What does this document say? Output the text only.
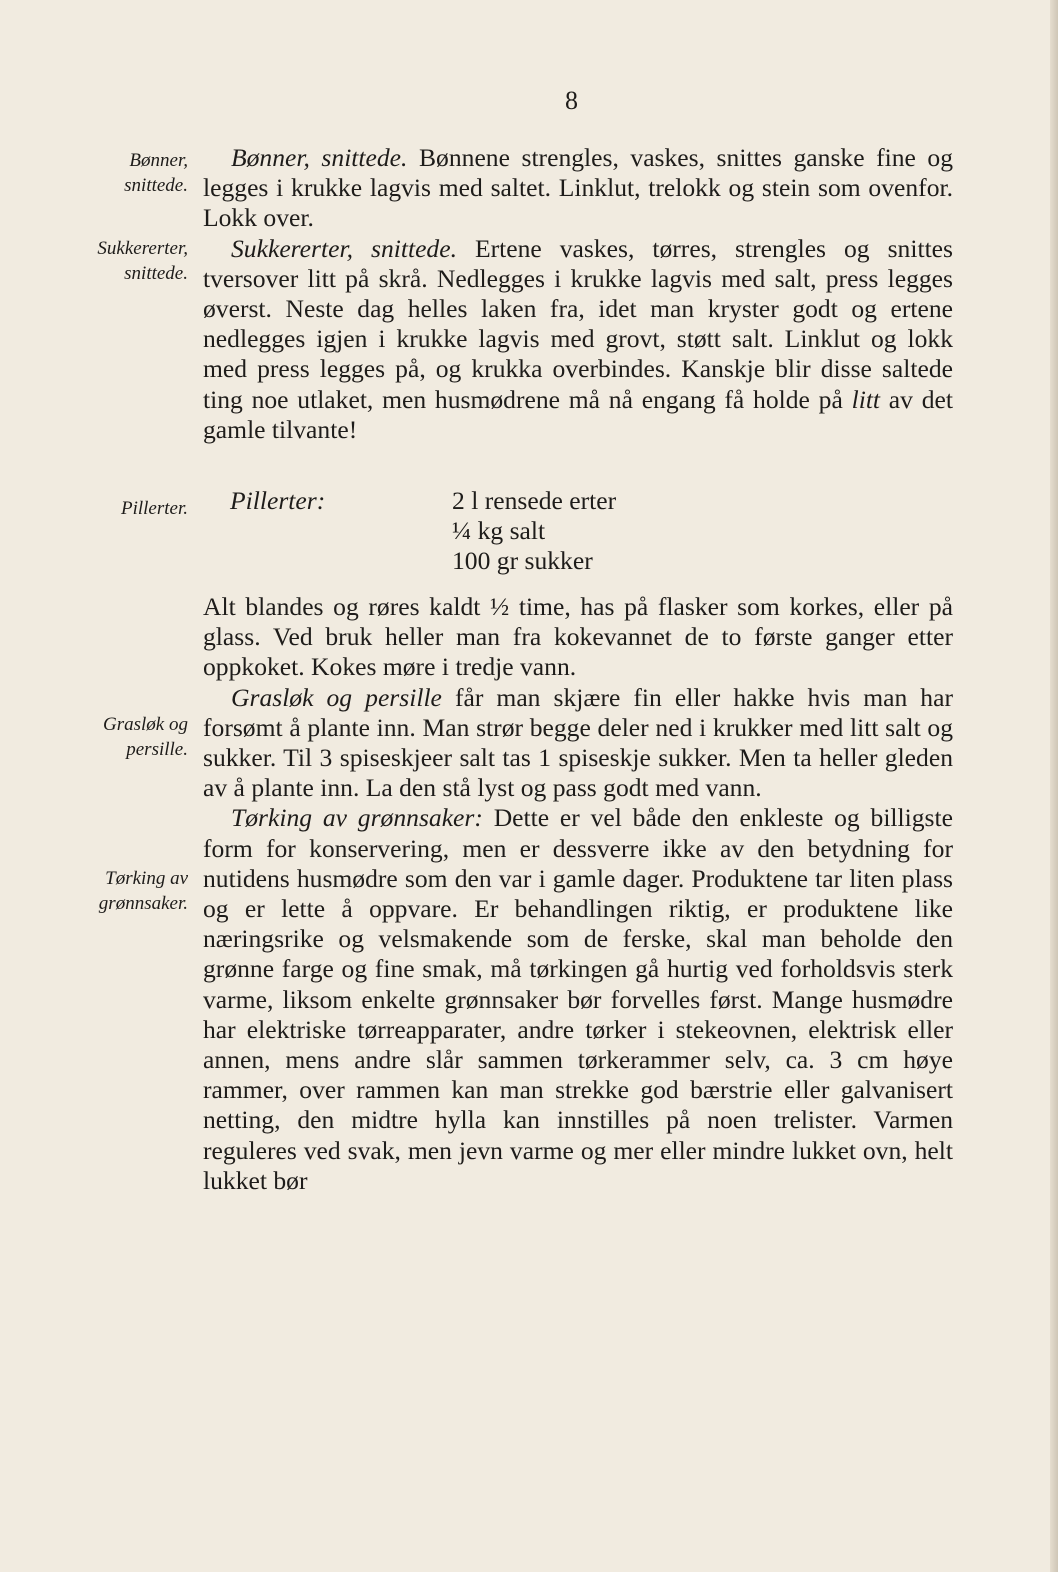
8
Bønner,
snittede.
Sukkererter,
snittede.
Pillerter.
Grasløk og
persille.
Tørking av
grønnsaker.

Bønner, snittede. Bønnene strengles, vaskes, snittes ganske fine og legges i krukke lagvis med saltet. Linklut, trelokk og stein som ovenfor. Lokk over.

Sukkererter, snittede. Ertene vaskes, tørres, strengles og snittes tversover litt på skrå. Nedlegges i krukke lagvis med salt, press legges øverst. Neste dag helles laken fra, idet man kryster godt og ertene nedlegges igjen i krukke lagvis med grovt, støtt salt. Linklut og lokk med press legges på, og krukka overbindes. Kanskje blir disse saltede ting noe utlaket, men husmødrene må nå engang få holde på litt av det gamle tilvante!

Pillerter:	2 l rensede erter
¼ kg salt
100 gr sukker

Alt blandes og røres kaldt ½ time, has på flasker som korkes, eller på glass. Ved bruk heller man fra kokevannet de to første ganger etter oppkoket. Kokes møre i tredje vann.

Grasløk og persille får man skjære fin eller hakke hvis man har forsømt å plante inn. Man strør begge deler ned i krukker med litt salt og sukker. Til 3 spiseskjeer salt tas 1 spiseskje sukker. Men ta heller gleden av å plante inn. La den stå lyst og pass godt med vann.

Tørking av grønnsaker: Dette er vel både den enkleste og billigste form for konservering, men er dessverre ikke av den betydning for nutidens husmødre som den var i gamle dager. Produktene tar liten plass og er lette å oppvare. Er behandlingen riktig, er produktene like næringsrike og velsmakende som de ferske, skal man beholde den grønne farge og fine smak, må tørkingen gå hurtig ved forholdsvis sterk varme, liksom enkelte grønnsaker bør forvelles først. Mange husmødre har elektriske tørreapparater, andre tørker i stekeovnen, elektrisk eller annen, mens andre slår sammen tørkerammer selv, ca. 3 cm høye rammer, over rammen kan man strekke god bærstrie eller galvanisert netting, den midtre hylla kan innstilles på noen trelister. Varmen reguleres ved svak, men jevn varme og mer eller mindre lukket ovn, helt lukket bør
